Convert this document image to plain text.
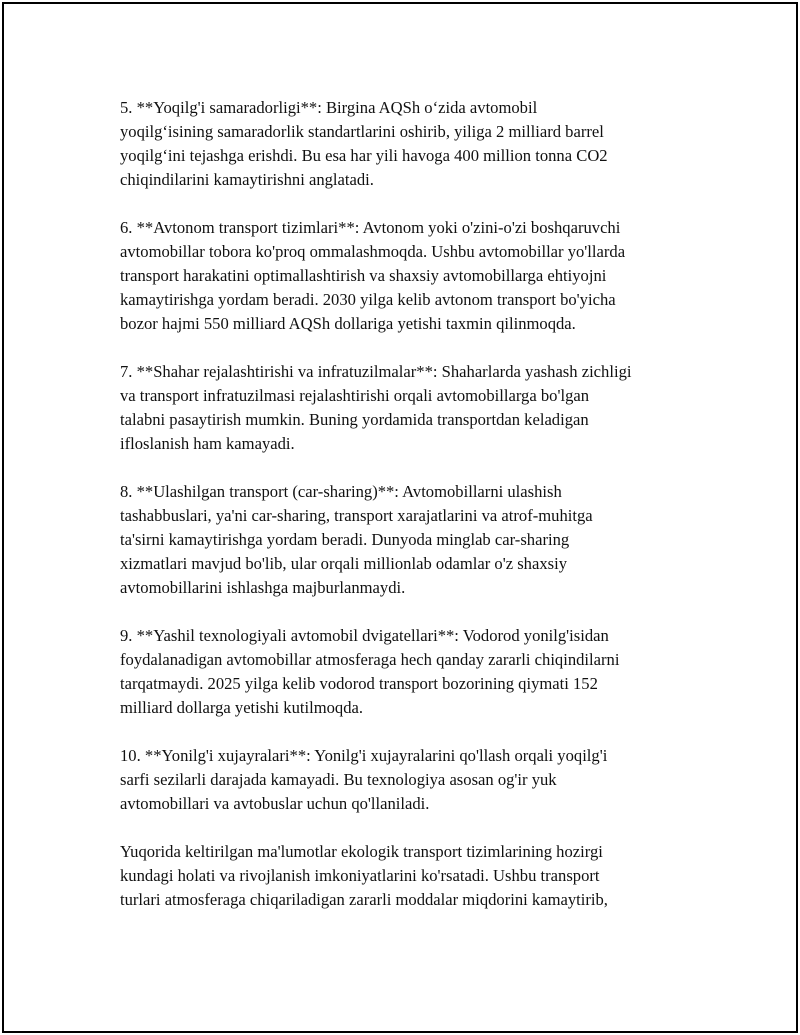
5. **Yoqilg'i samaradorligi**: Birgina AQSh oʻzida avtomobil
yoqilgʻisining samaradorlik standartlarini oshirib, yiliga 2 milliard barrel
yoqilgʻini tejashga erishdi. Bu esa har yili havoga 400 million tonna CO2
chiqindilarini kamaytirishni anglatadi.
6. **Avtonom transport tizimlari**: Avtonom yoki o'zini-o'zi boshqaruvchi
avtomobillar tobora ko'proq ommalashmoqda. Ushbu avtomobillar yo'llarda
transport harakatini optimallashtirish va shaxsiy avtomobillarga ehtiyojni
kamaytirishga yordam beradi. 2030 yilga kelib avtonom transport bo'yicha
bozor hajmi 550 milliard AQSh dollariga yetishi taxmin qilinmoqda.
7. **Shahar rejalashtirishi va infratuzilmalar**: Shaharlarda yashash zichligi
va transport infratuzilmasi rejalashtirishi orqali avtomobillarga bo'lgan
talabni pasaytirish mumkin. Buning yordamida transportdan keladigan
ifloslanish ham kamayadi.
8. **Ulashilgan transport (car-sharing)**: Avtomobillarni ulashish
tashabbuslari, ya'ni car-sharing, transport xarajatlarini va atrof-muhitga
ta'sirni kamaytirishga yordam beradi. Dunyoda minglab car-sharing
xizmatlari mavjud bo'lib, ular orqali millionlab odamlar o'z shaxsiy
avtomobillarini ishlashga majburlanmaydi.
9. **Yashil texnologiyali avtomobil dvigatellari**: Vodorod yonilg'isidan
foydalanadigan avtomobillar atmosferaga hech qanday zararli chiqindilarni
tarqatmaydi. 2025 yilga kelib vodorod transport bozorining qiymati 152
milliard dollarga yetishi kutilmoqda.
10. **Yonilg'i xujayralari**: Yonilg'i xujayralarini qo'llash orqali yoqilg'i
sarfi sezilarli darajada kamayadi. Bu texnologiya asosan og'ir yuk
avtomobillari va avtobuslar uchun qo'llaniladi.
Yuqorida keltirilgan ma'lumotlar ekologik transport tizimlarining hozirgi
kundagi holati va rivojlanish imkoniyatlarini ko'rsatadi. Ushbu transport
turlari atmosferaga chiqariladigan zararli moddalar miqdorini kamaytirib,
